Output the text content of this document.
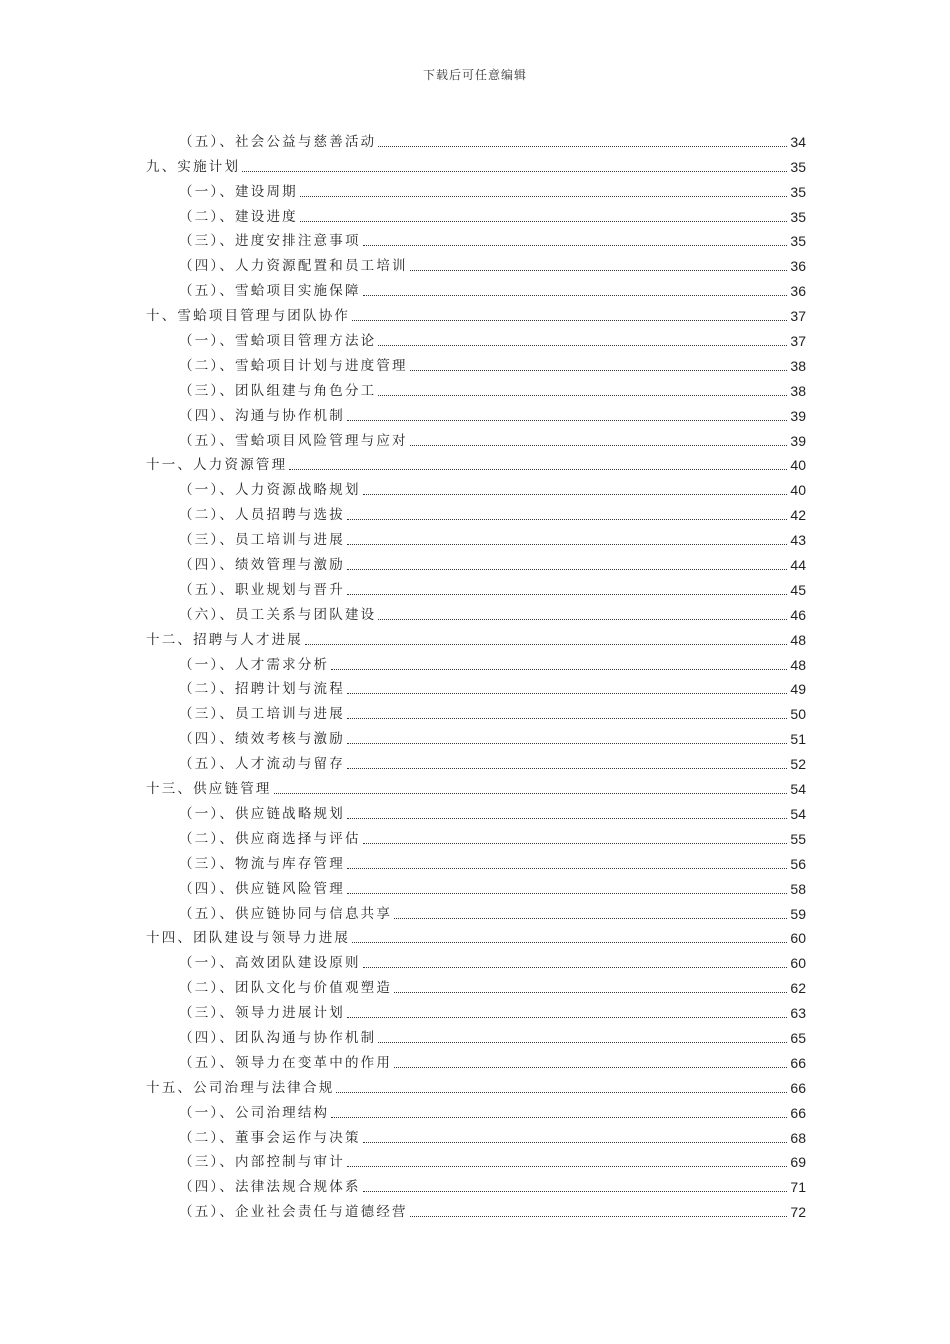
下载后可任意编辑
（五）、社会公益与慈善活动	34
九、实施计划	35
（一）、建设周期	35
（二）、建设进度	35
（三）、进度安排注意事项	35
（四）、人力资源配置和员工培训	36
（五）、雪蛤项目实施保障	36
十、雪蛤项目管理与团队协作	37
（一）、雪蛤项目管理方法论	37
（二）、雪蛤项目计划与进度管理	38
（三）、团队组建与角色分工	38
（四）、沟通与协作机制	39
（五）、雪蛤项目风险管理与应对	39
十一、人力资源管理	40
（一）、人力资源战略规划	40
（二）、人员招聘与选拔	42
（三）、员工培训与进展	43
（四）、绩效管理与激励	44
（五）、职业规划与晋升	45
（六）、员工关系与团队建设	46
十二、招聘与人才进展	48
（一）、人才需求分析	48
（二）、招聘计划与流程	49
（三）、员工培训与进展	50
（四）、绩效考核与激励	51
（五）、人才流动与留存	52
十三、供应链管理	54
（一）、供应链战略规划	54
（二）、供应商选择与评估	55
（三）、物流与库存管理	56
（四）、供应链风险管理	58
（五）、供应链协同与信息共享	59
十四、团队建设与领导力进展	60
（一）、高效团队建设原则	60
（二）、团队文化与价值观塑造	62
（三）、领导力进展计划	63
（四）、团队沟通与协作机制	65
（五）、领导力在变革中的作用	66
十五、公司治理与法律合规	66
（一）、公司治理结构	66
（二）、董事会运作与决策	68
（三）、内部控制与审计	69
（四）、法律法规合规体系	71
（五）、企业社会责任与道德经营	72
